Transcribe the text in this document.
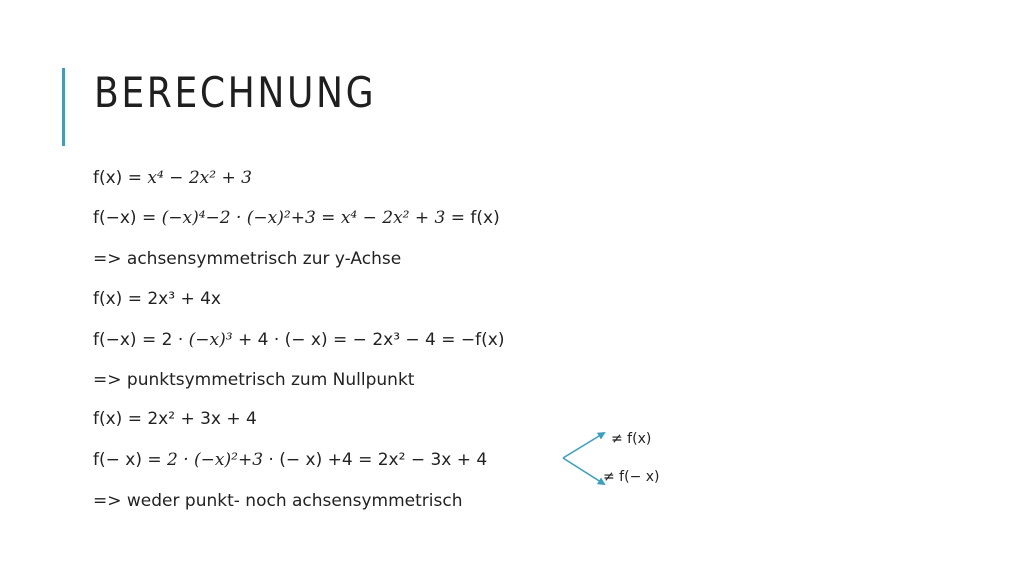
BERECHNUNG
f(x) = x⁴ − 2x² + 3
f(−x) = (−x)⁴−2 · (−x)²+3 = x⁴ − 2x² + 3 = f(x)
=> achsensymmetrisch zur y-Achse
f(x) = 2x³ + 4x
f(−x) = 2 · (−x)³ + 4 · (− x) = − 2x³ − 4 = −f(x)
=> punktsymmetrisch zum Nullpunkt
f(x) = 2x² + 3x + 4
f(− x) = 2 · (−x)²+3 · (− x) +4 = 2x² − 3x + 4
=> weder punkt- noch achsensymmetrisch
≠ f(x)
≠ f(− x)
